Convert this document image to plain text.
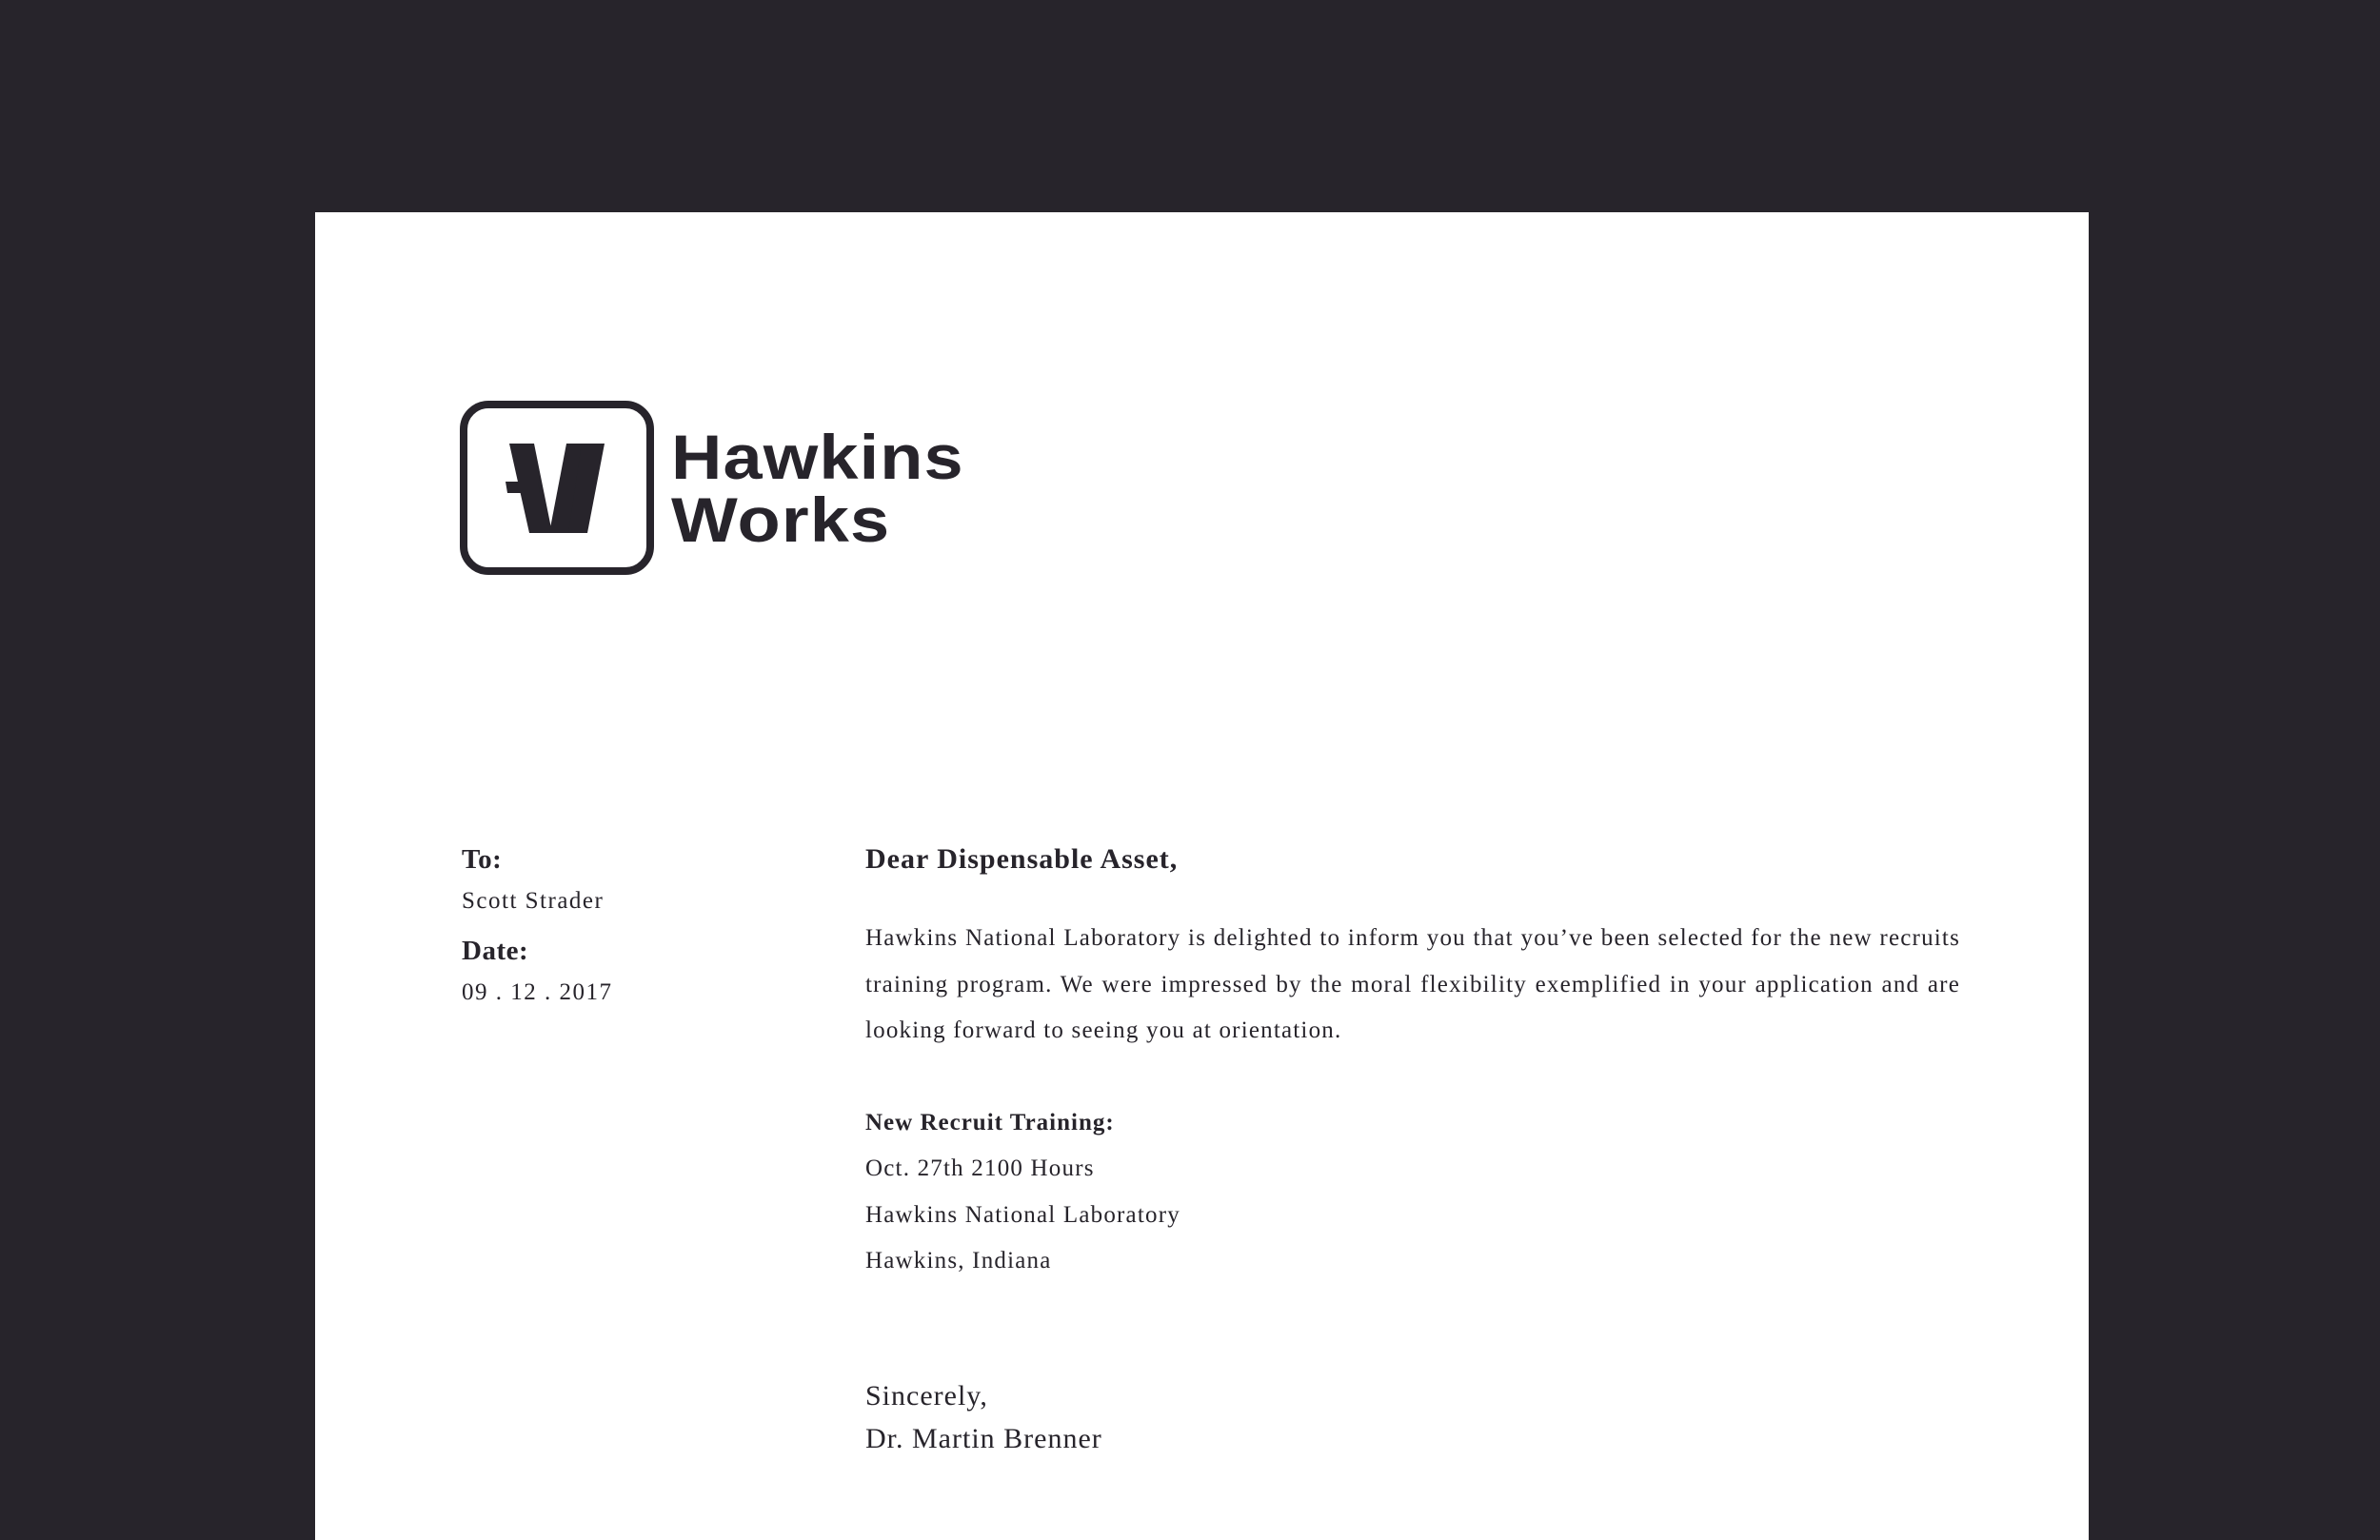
Hawkins
Works
To:
Scott Strader
Date:
09 . 12 . 2017
Dear Dispensable Asset,
Hawkins National Laboratory is delighted to inform you that you’ve been selected for the new recruits training program. We were impressed by the moral flexibility exemplified in your application and are looking forward to seeing you at orientation.
New Recruit Training:
Oct. 27th 2100 Hours
Hawkins National Laboratory
Hawkins, Indiana
Sincerely,
Dr. Martin Brenner
